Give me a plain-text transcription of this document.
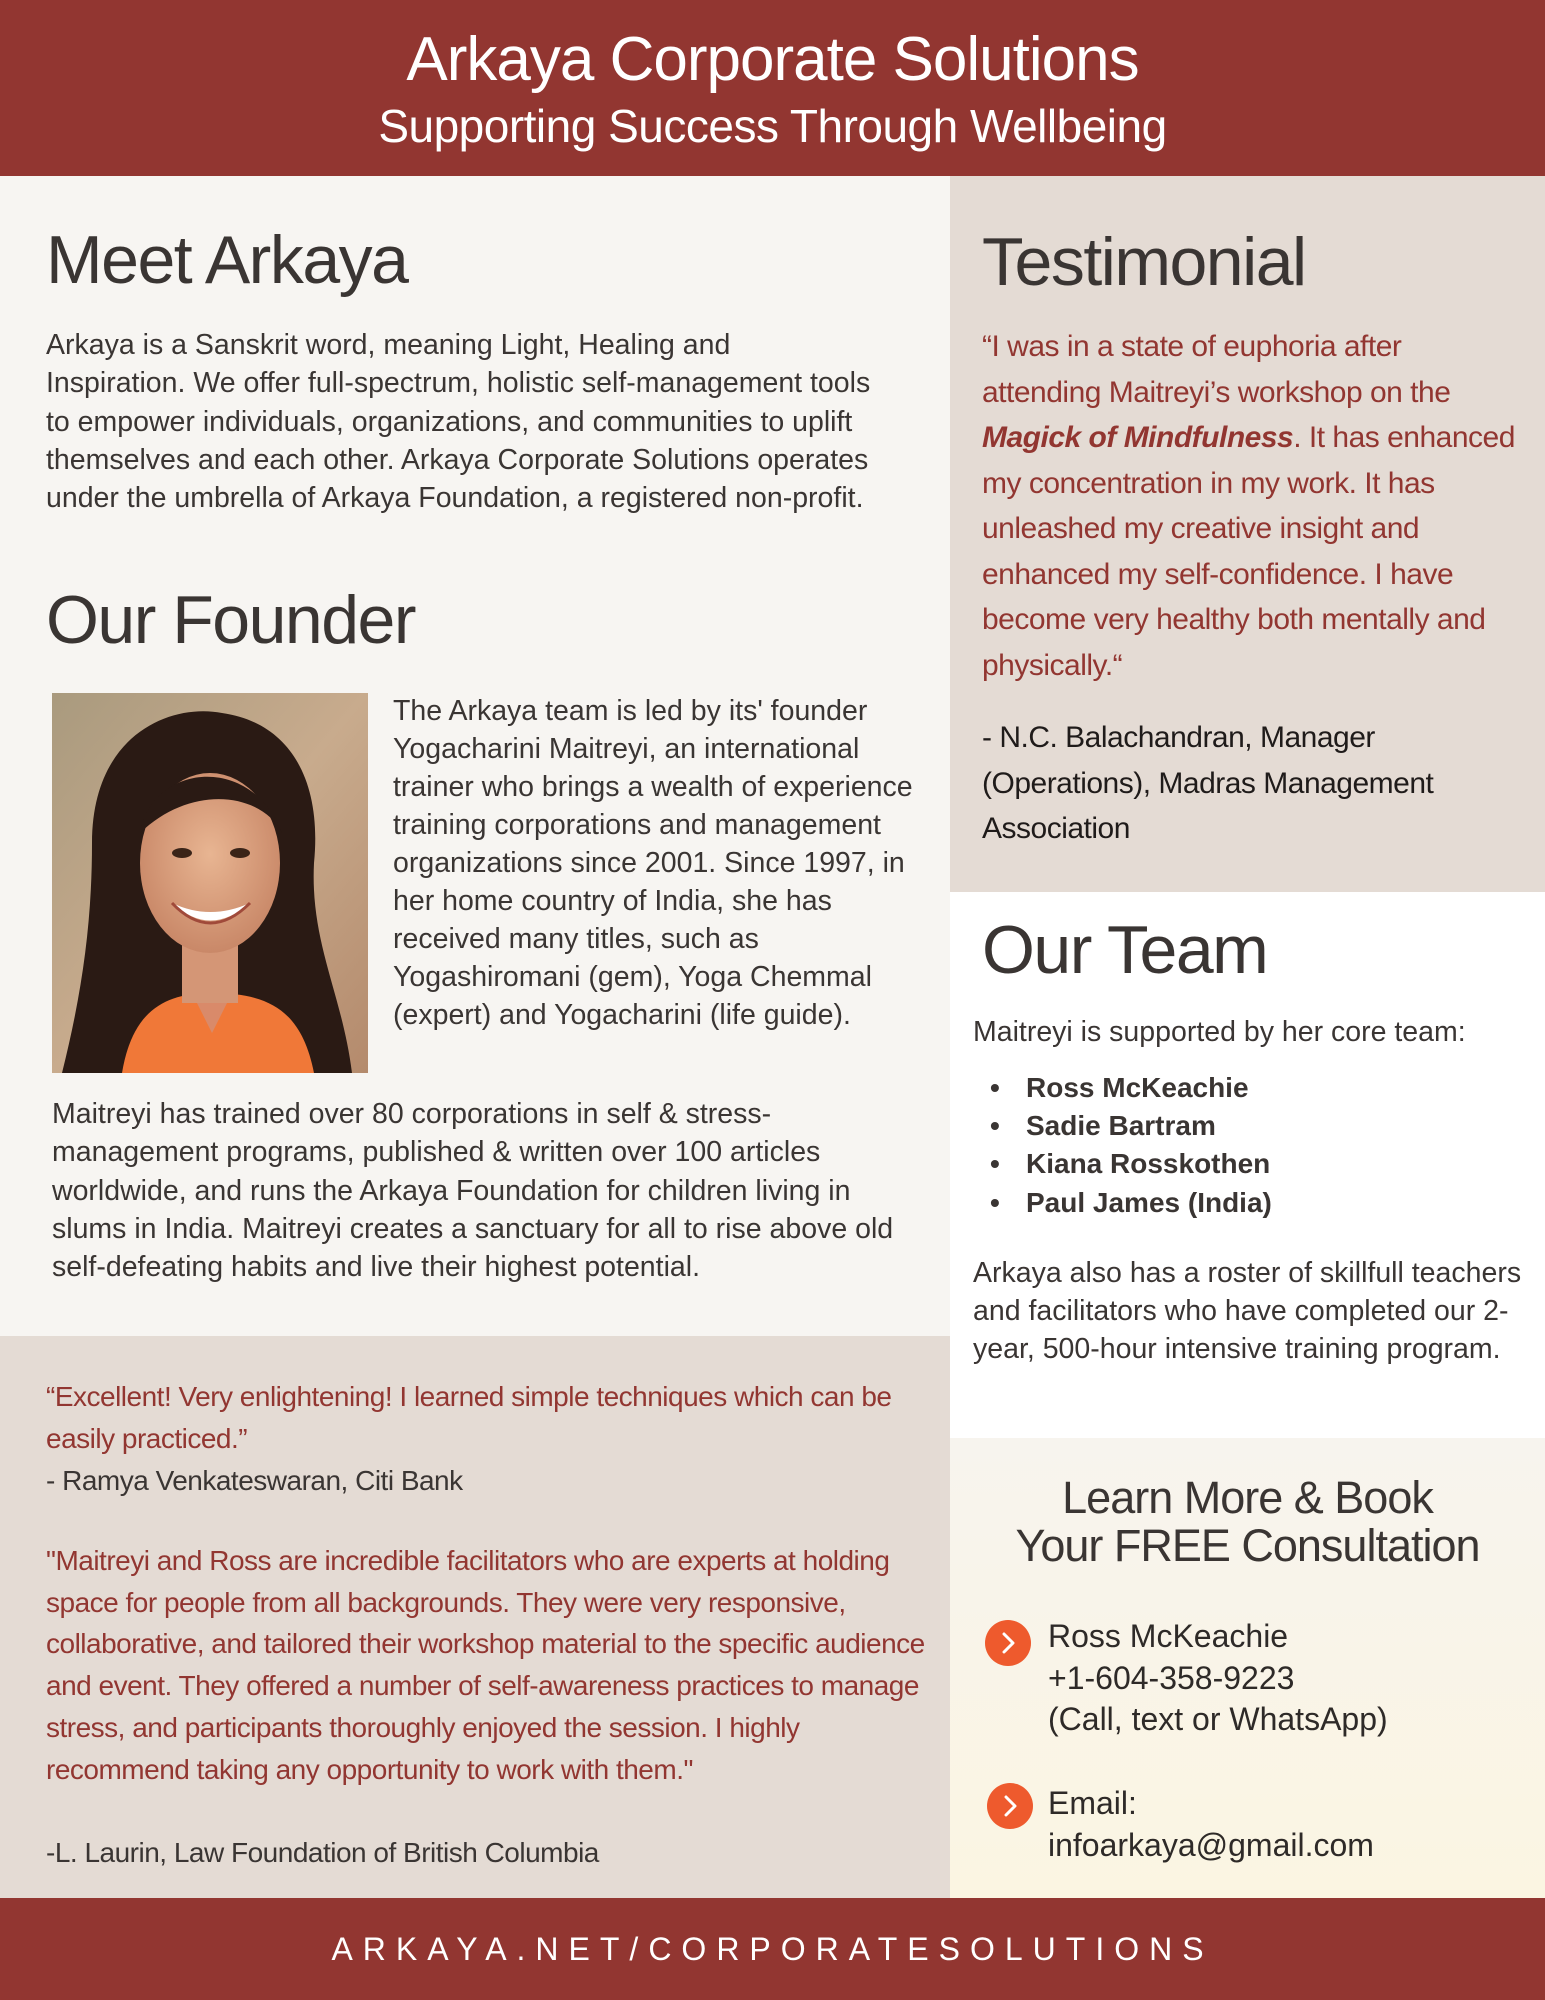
Arkaya Corporate Solutions
Supporting Success Through Wellbeing
Meet Arkaya

Arkaya is a Sanskrit word, meaning Light, Healing and Inspiration. We offer full-spectrum, holistic self-management tools to empower individuals, organizations, and communities to uplift themselves and each other. Arkaya Corporate Solutions operates under the umbrella of Arkaya Foundation, a registered non-profit.

Our Founder

The Arkaya team is led by its' founder Yogacharini Maitreyi, an international trainer who brings a wealth of experience training corporations and management organizations since 2001. Since 1997, in her home country of India, she has received many titles, such as Yogashiromani (gem), Yoga Chemmal (expert) and Yogacharini (life guide).

Maitreyi has trained over 80 corporations in self & stress-management programs, published & written over 100 articles worldwide, and runs the Arkaya Foundation for children living in slums in India. Maitreyi creates a sanctuary for all to rise above old self-defeating habits and live their highest potential.

“Excellent! Very enlightening! I learned simple techniques which can be easily practiced.”

- Ramya Venkateswaran, Citi Bank

"Maitreyi and Ross are incredible facilitators who are experts at holding space for people from all backgrounds. They were very responsive, collaborative, and tailored their workshop material to the specific audience and event. They offered a number of self-awareness practices to manage stress, and participants thoroughly enjoyed the session. I highly recommend taking any opportunity to work with them."

-L. Laurin, Law Foundation of British Columbia

Testimonial

“I was in a state of euphoria after attending Maitreyi’s workshop on the Magick of Mindfulness. It has enhanced my concentration in my work. It has unleashed my creative insight and enhanced my self-confidence. I have become very healthy both mentally and physically.“

- N.C. Balachandran, Manager (Operations), Madras Management Association

Our Team

Maitreyi is supported by her core team:

• Ross McKeachie
• Sadie Bartram
• Kiana Rosskothen
• Paul James (India)

Arkaya also has a roster of skillfull teachers and facilitators who have completed our 2-year, 500-hour intensive training program.

Learn More & Book
Your FREE Consultation
Ross McKeachie
+1-604-358-9223
(Call, text or WhatsApp)
Email:
infoarkaya@gmail.com
ARKAYA.NET/CORPORATESOLUTIONS
